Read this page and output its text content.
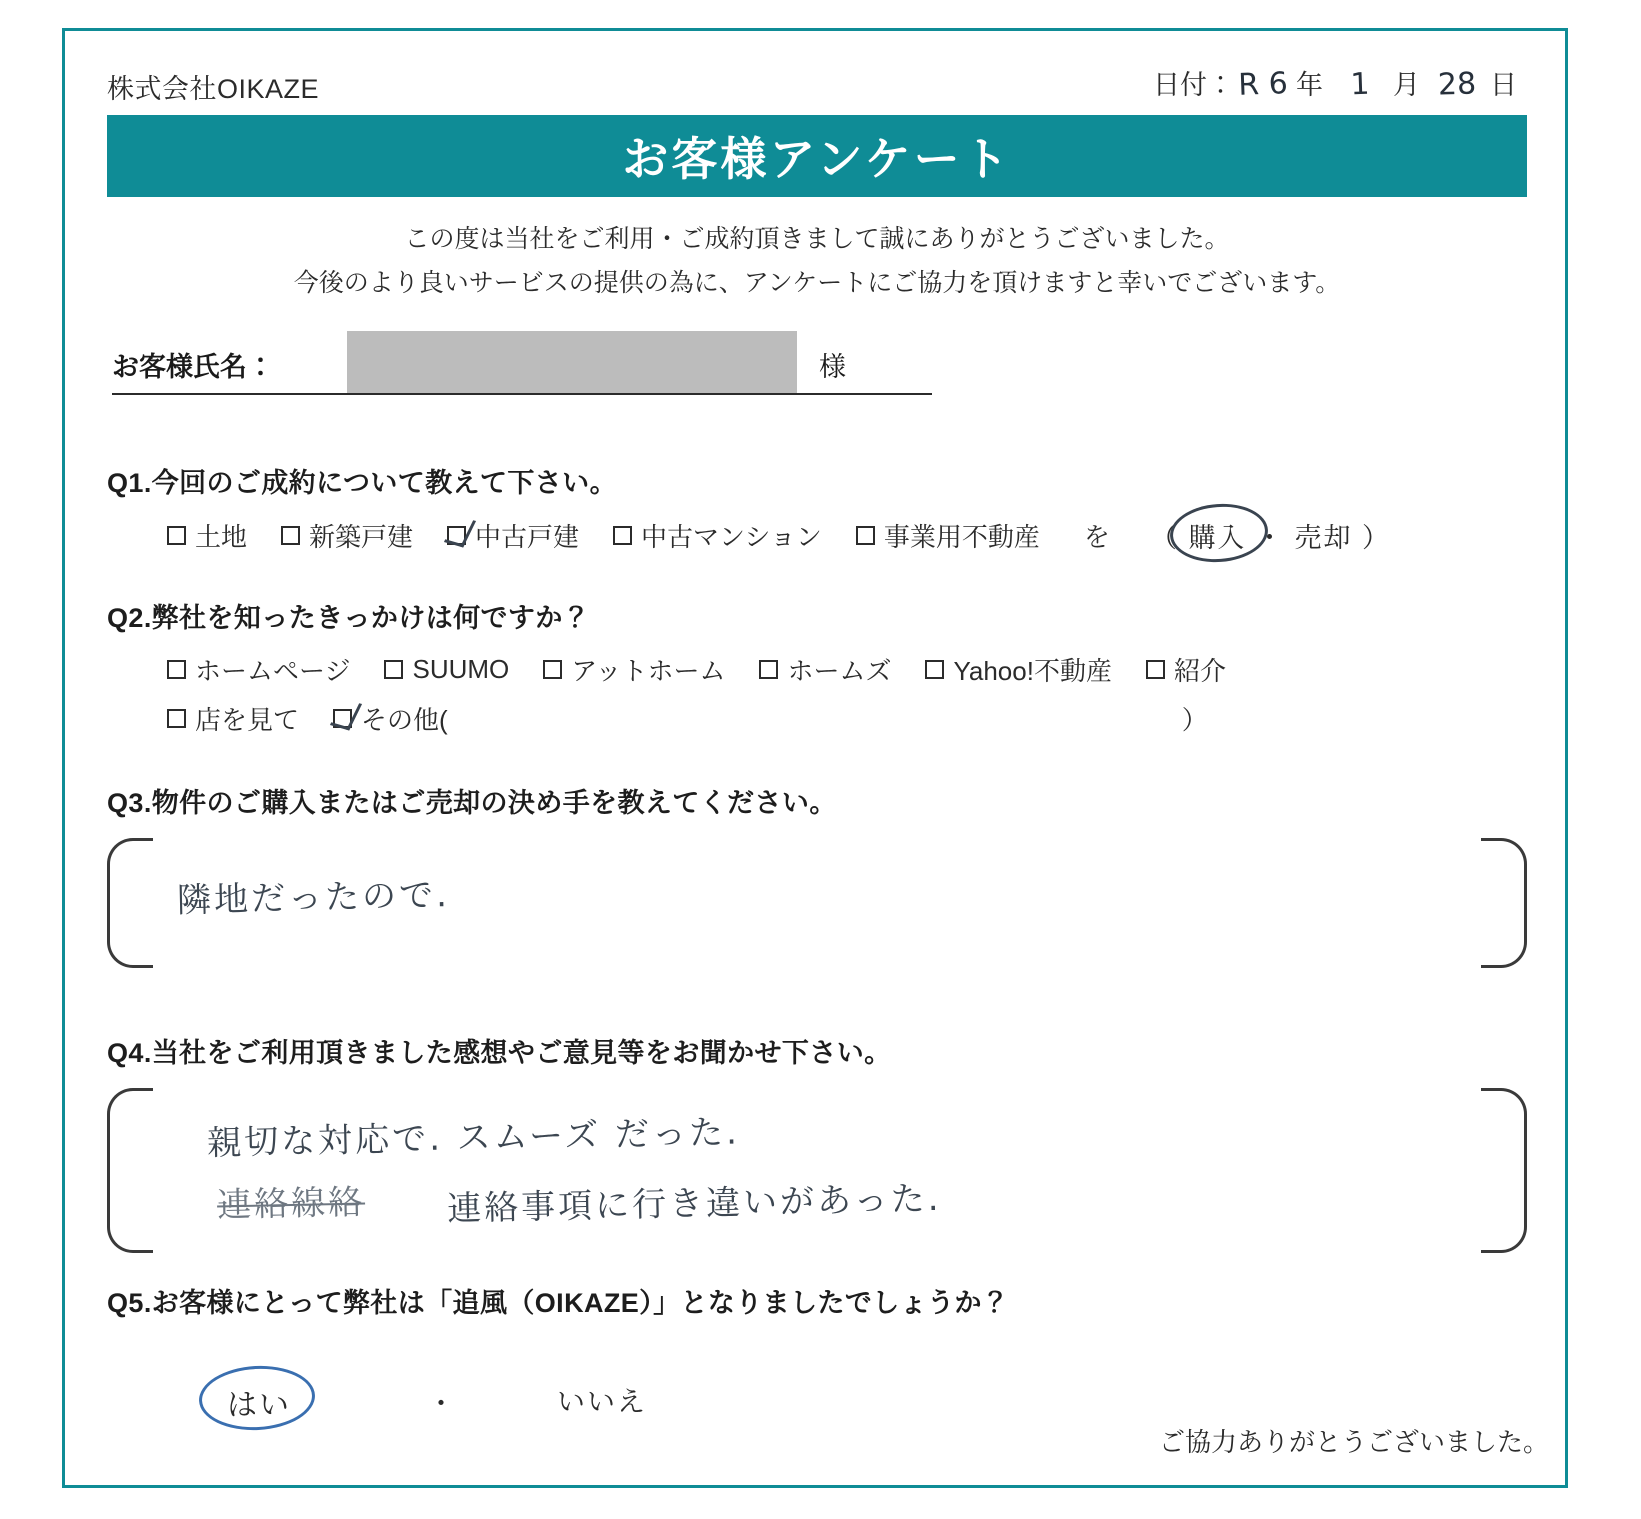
株式会社OIKAZE	日付： R 6 年 1 月 28 日
お客様アンケート
この度は当社をご利用・ご成約頂きまして誠にありがとうございました。
今後のより良いサービスの提供の為に、アンケートにご協力を頂けますと幸いでございます。
お客様氏名：	様
Q1.今回のご成約について教えて下さい。
土地 新築戸建 中古戸建 中古マンション 事業用不動産 を （ 購入 ・ 売却 ）
Q2.弊社を知ったきっかけは何ですか？
ホームページ SUUMO アットホーム ホームズ Yahoo!不動産 紹介
店を見て その他(	）
Q3.物件のご購入またはご売却の決め手を教えてください。
隣地だったので.
Q4.当社をご利用頂きました感想やご意見等をお聞かせ下さい。
親切な対応で. スムーズ だった.
連絡線絡 連絡事項に行き違いがあった.
Q5.お客様にとって弊社は「追風（OIKAZE）」となりましたでしょうか？
はい	・	いいえ
ご協力ありがとうございました。
